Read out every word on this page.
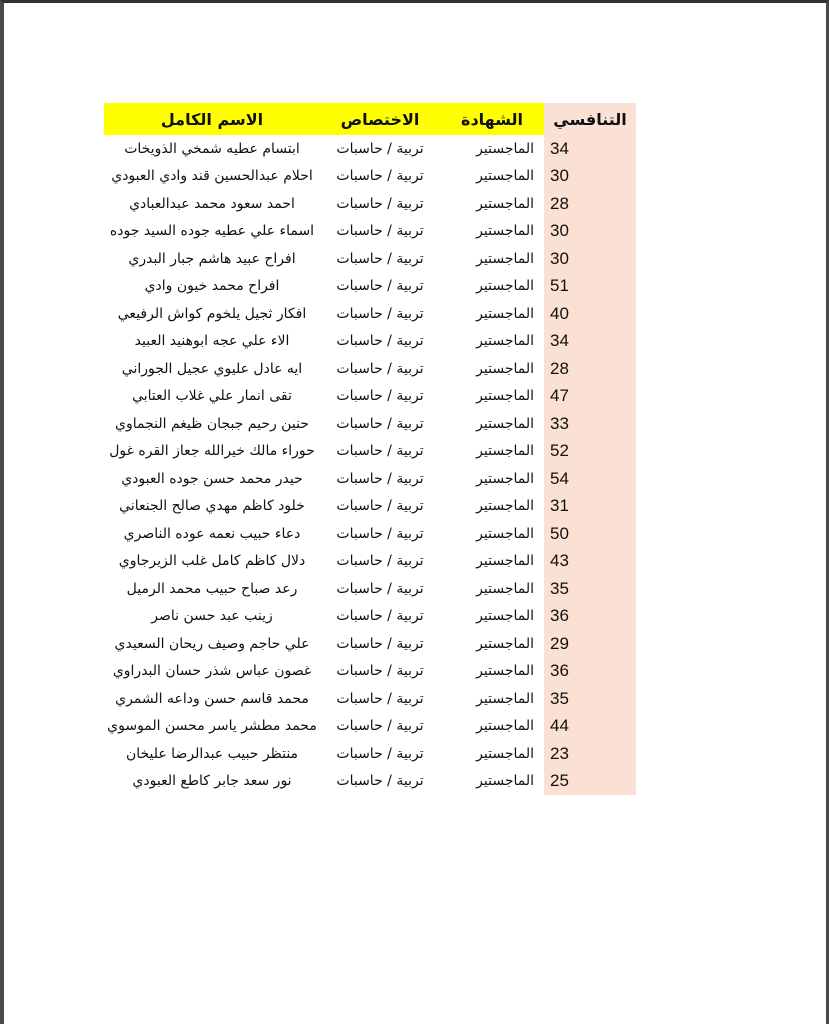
التنافسي
الشهادة
الاختصاص
الاسم الكامل
34
الماجستير
تربية / حاسبات
ابتسام عطيه شمخي الذويخات
30
الماجستير
تربية / حاسبات
احلام عبدالحسين قند وادي العبودي
28
الماجستير
تربية / حاسبات
احمد سعود محمد عبدالعبادي
30
الماجستير
تربية / حاسبات
اسماء علي عطيه جوده السيد جوده
30
الماجستير
تربية / حاسبات
افراح عبيد هاشم جبار البدري
51
الماجستير
تربية / حاسبات
افراح محمد خيون وادي
40
الماجستير
تربية / حاسبات
افكار ثجيل يلخوم كواش الرفيعي
34
الماجستير
تربية / حاسبات
الاء علي عجه ابوهنيد العبيد
28
الماجستير
تربية / حاسبات
ايه عادل عليوي عجيل الجوراني
47
الماجستير
تربية / حاسبات
تقى انمار علي غلاب العتابي
33
الماجستير
تربية / حاسبات
حنين رحيم جبجان ظيغم النجماوي
52
الماجستير
تربية / حاسبات
حوراء مالك خيرالله جعاز القره غول
54
الماجستير
تربية / حاسبات
حيدر محمد حسن جوده العبودي
31
الماجستير
تربية / حاسبات
خلود كاظم مهدي صالح الجنعاني
50
الماجستير
تربية / حاسبات
دعاء حبيب نعمه عوده الناصري
43
الماجستير
تربية / حاسبات
دلال كاظم كامل غلب الزيرجاوي
35
الماجستير
تربية / حاسبات
رعد صباح حبيب محمد الرميل
36
الماجستير
تربية / حاسبات
زينب عبد حسن ناصر
29
الماجستير
تربية / حاسبات
علي حاجم وصيف ريحان السعيدي
36
الماجستير
تربية / حاسبات
غصون عباس شذر حسان البدراوي
35
الماجستير
تربية / حاسبات
محمد قاسم حسن وداعه الشمري
44
الماجستير
تربية / حاسبات
محمد مطشر ياسر محسن الموسوي
23
الماجستير
تربية / حاسبات
منتظر حبيب عبدالرضا عليخان
25
الماجستير
تربية / حاسبات
نور سعد جابر كاطع العبودي
